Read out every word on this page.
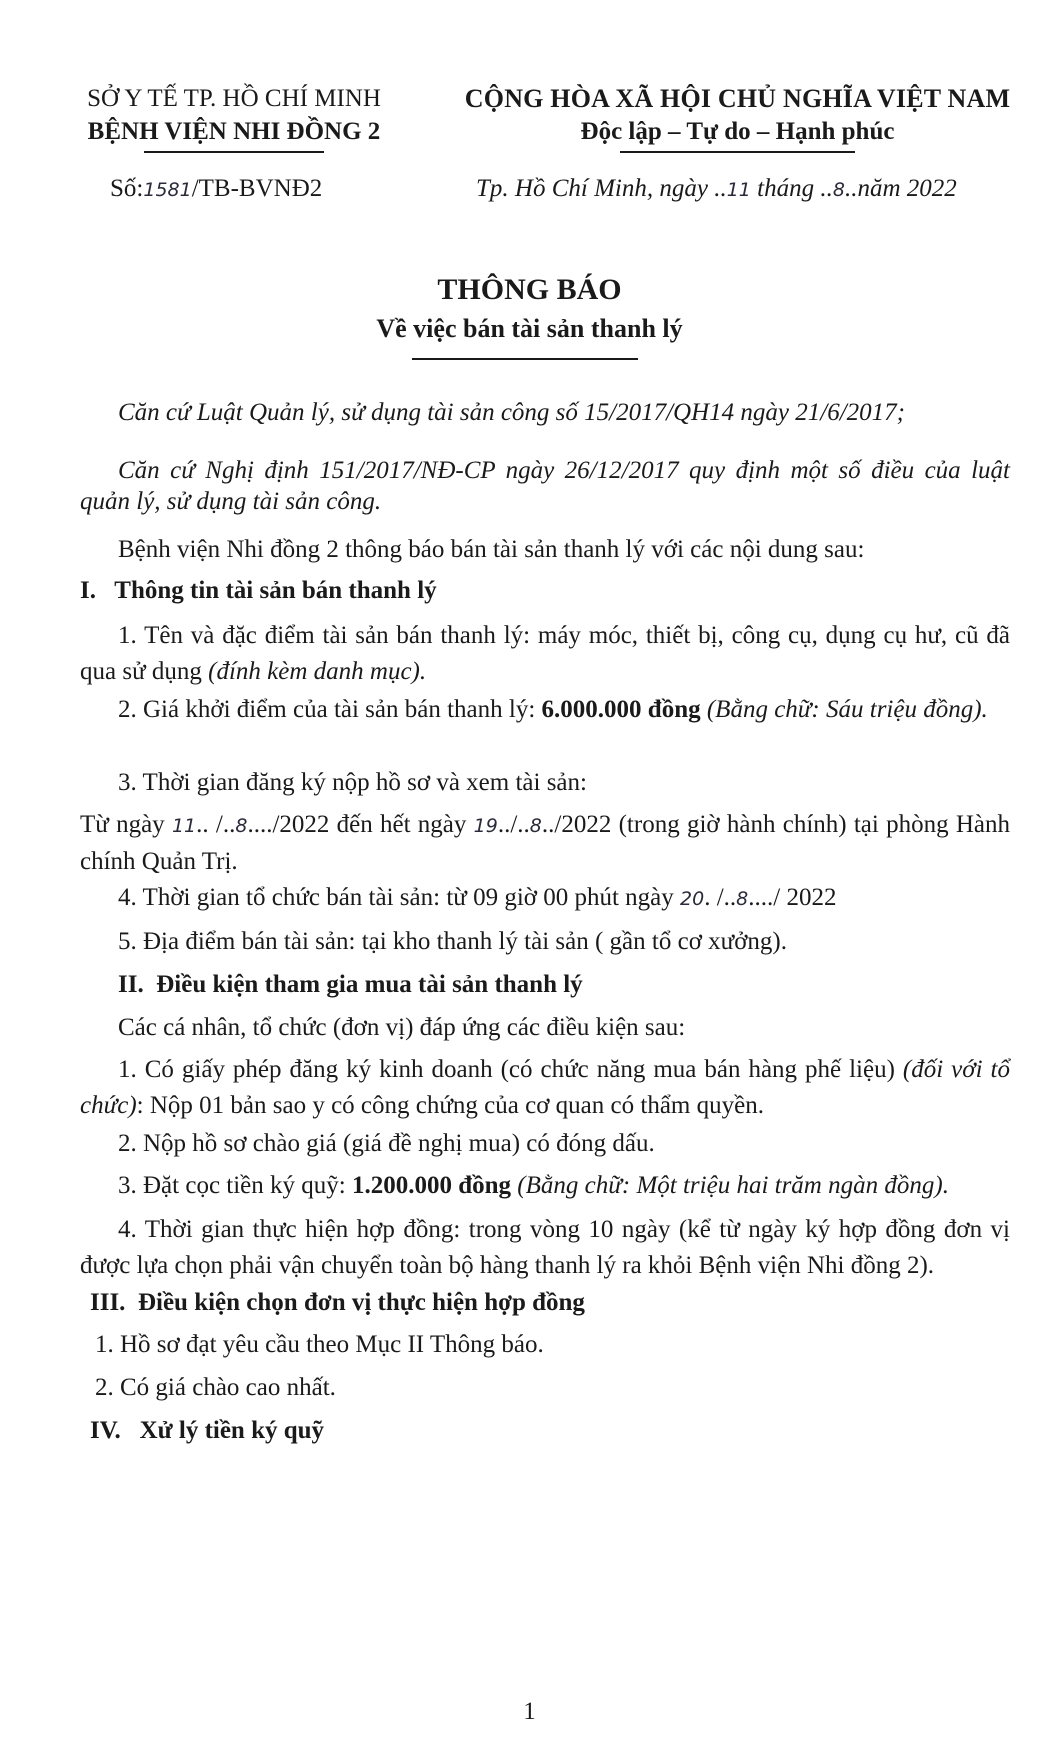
SỞ Y TẾ TP. HỒ CHÍ MINH
BỆNH VIỆN NHI ĐỒNG 2
CỘNG HÒA XÃ HỘI CHỦ NGHĨA VIỆT NAM
Độc lập – Tự do – Hạnh phúc
Số:1581/TB-BVNĐ2	Tp. Hồ Chí Minh, ngày ..11 tháng ..8..năm 2022
THÔNG BÁO
Về việc bán tài sản thanh lý
Căn cứ Luật Quản lý, sử dụng tài sản công số 15/2017/QH14 ngày 21/6/2017;
Căn cứ Nghị định 151/2017/NĐ-CP ngày 26/12/2017 quy định một số điều của luật quản lý, sử dụng tài sản công.
Bệnh viện Nhi đồng 2 thông báo bán tài sản thanh lý với các nội dung sau:
I. Thông tin tài sản bán thanh lý
1. Tên và đặc điểm tài sản bán thanh lý: máy móc, thiết bị, công cụ, dụng cụ hư, cũ đã qua sử dụng (đính kèm danh mục).
2. Giá khởi điểm của tài sản bán thanh lý: 6.000.000 đồng (Bằng chữ: Sáu triệu đồng).
3. Thời gian đăng ký nộp hồ sơ và xem tài sản:
Từ ngày 11.. /..8..../2022 đến hết ngày 19../..8../2022 (trong giờ hành chính) tại phòng Hành chính Quản Trị.
4. Thời gian tổ chức bán tài sản: từ 09 giờ 00 phút ngày 20. /..8..../ 2022
5. Địa điểm bán tài sản: tại kho thanh lý tài sản ( gần tổ cơ xưởng).
II. Điều kiện tham gia mua tài sản thanh lý
Các cá nhân, tổ chức (đơn vị) đáp ứng các điều kiện sau:
1. Có giấy phép đăng ký kinh doanh (có chức năng mua bán hàng phế liệu) (đối với tổ chức): Nộp 01 bản sao y có công chứng của cơ quan có thẩm quyền.
2. Nộp hồ sơ chào giá (giá đề nghị mua) có đóng dấu.
3. Đặt cọc tiền ký quỹ: 1.200.000 đồng (Bằng chữ: Một triệu hai trăm ngàn đồng).
4. Thời gian thực hiện hợp đồng: trong vòng 10 ngày (kể từ ngày ký hợp đồng đơn vị được lựa chọn phải vận chuyển toàn bộ hàng thanh lý ra khỏi Bệnh viện Nhi đồng 2).
III. Điều kiện chọn đơn vị thực hiện hợp đồng
1. Hồ sơ đạt yêu cầu theo Mục II Thông báo.
2. Có giá chào cao nhất.
IV. Xử lý tiền ký quỹ
1
